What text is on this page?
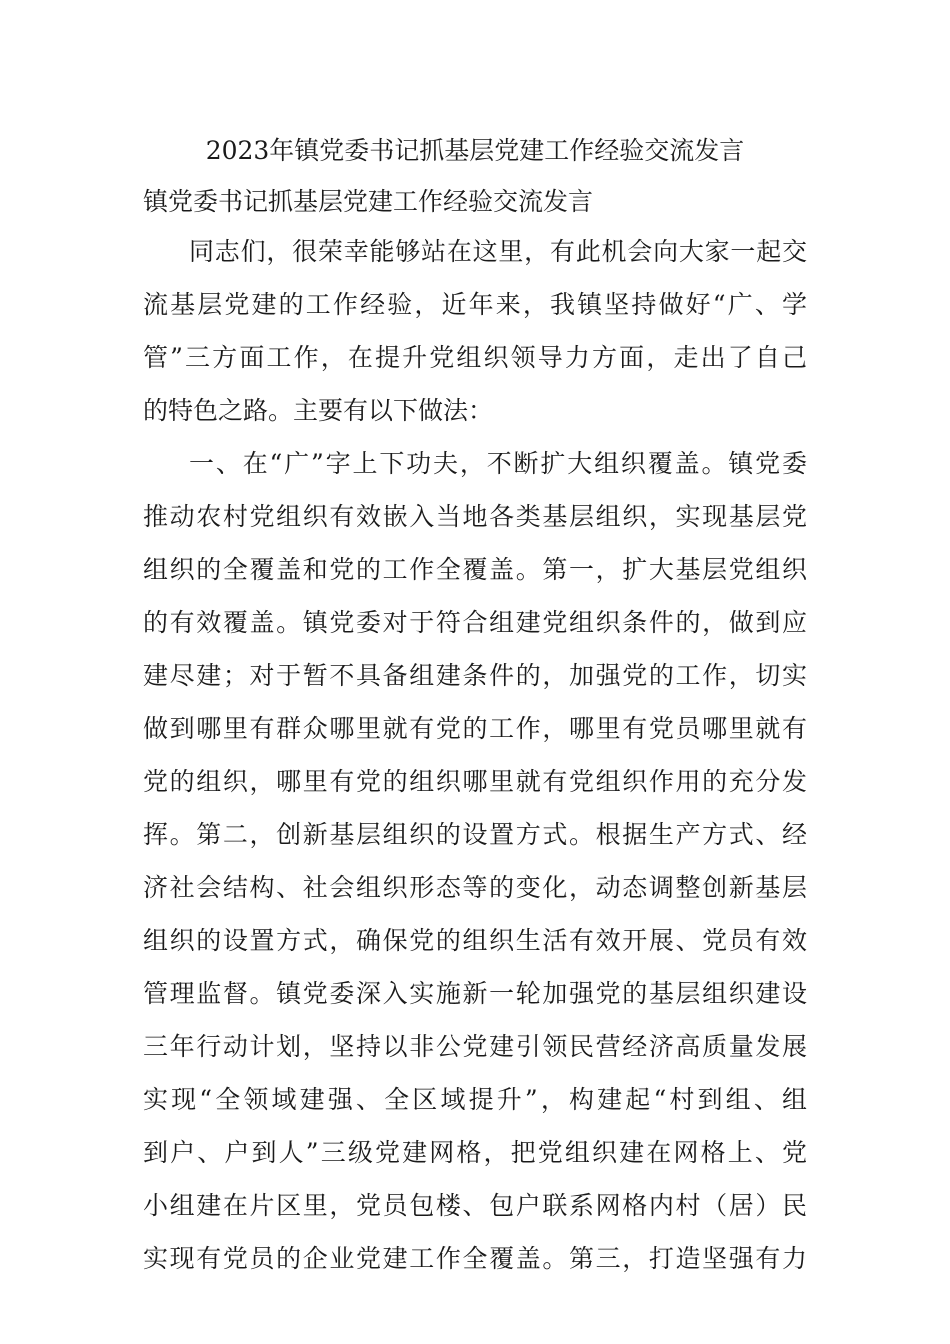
2023年镇党委书记抓基层党建工作经验交流发言
镇党委书记抓基层党建工作经验交流发言
同志们，很荣幸能够站在这里，有此机会向大家一起交
流基层党建的工作经验，近年来，我镇坚持做好“广、学
管”三方面工作，在提升党组织领导力方面，走出了自己
的特色之路。主要有以下做法：
一、在“广”字上下功夫，不断扩大组织覆盖。镇党委
推动农村党组织有效嵌入当地各类基层组织，实现基层党
组织的全覆盖和党的工作全覆盖。第一，扩大基层党组织
的有效覆盖。镇党委对于符合组建党组织条件的，做到应
建尽建；对于暂不具备组建条件的，加强党的工作，切实
做到哪里有群众哪里就有党的工作，哪里有党员哪里就有
党的组织，哪里有党的组织哪里就有党组织作用的充分发
挥。第二，创新基层组织的设置方式。根据生产方式、经
济社会结构、社会组织形态等的变化，动态调整创新基层
组织的设置方式，确保党的组织生活有效开展、党员有效
管理监督。镇党委深入实施新一轮加强党的基层组织建设
三年行动计划，坚持以非公党建引领民营经济高质量发展
实现“全领域建强、全区域提升”，构建起“村到组、组
到户、户到人”三级党建网格，把党组织建在网格上、党
小组建在片区里，党员包楼、包户联系网格内村（居）民
实现有党员的企业党建工作全覆盖。第三，打造坚强有力
